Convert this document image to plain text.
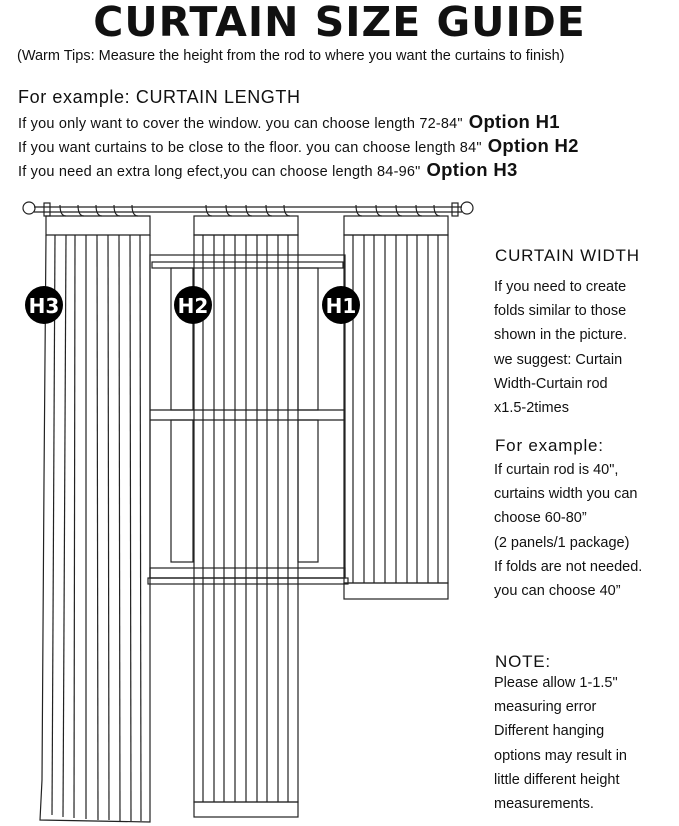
CURTAIN SIZE GUIDE
(Warm Tips: Measure the height from the rod to where you want the curtains to finish)
For example: CURTAIN LENGTH
If you only want to cover the window. you can choose length 72-84" Option H1
If you want curtains to be close to the floor. you can choose length 84" Option H2
If you need an extra long efect,you can choose length 84-96" Option H3
CURTAIN WIDTH
If you need to create
folds similar to those
shown in the picture.
we suggest: Curtain
Width-Curtain rod
x1.5-2times
For example:
If curtain rod is 40",
curtains width you can
choose 60-80”
(2 panels/1 package)
If folds are not needed.
you can choose 40”
NOTE:
Please allow 1-1.5"
measuring error
Different hanging
options may result in
little different height
measurements.
H3	H2	H1
